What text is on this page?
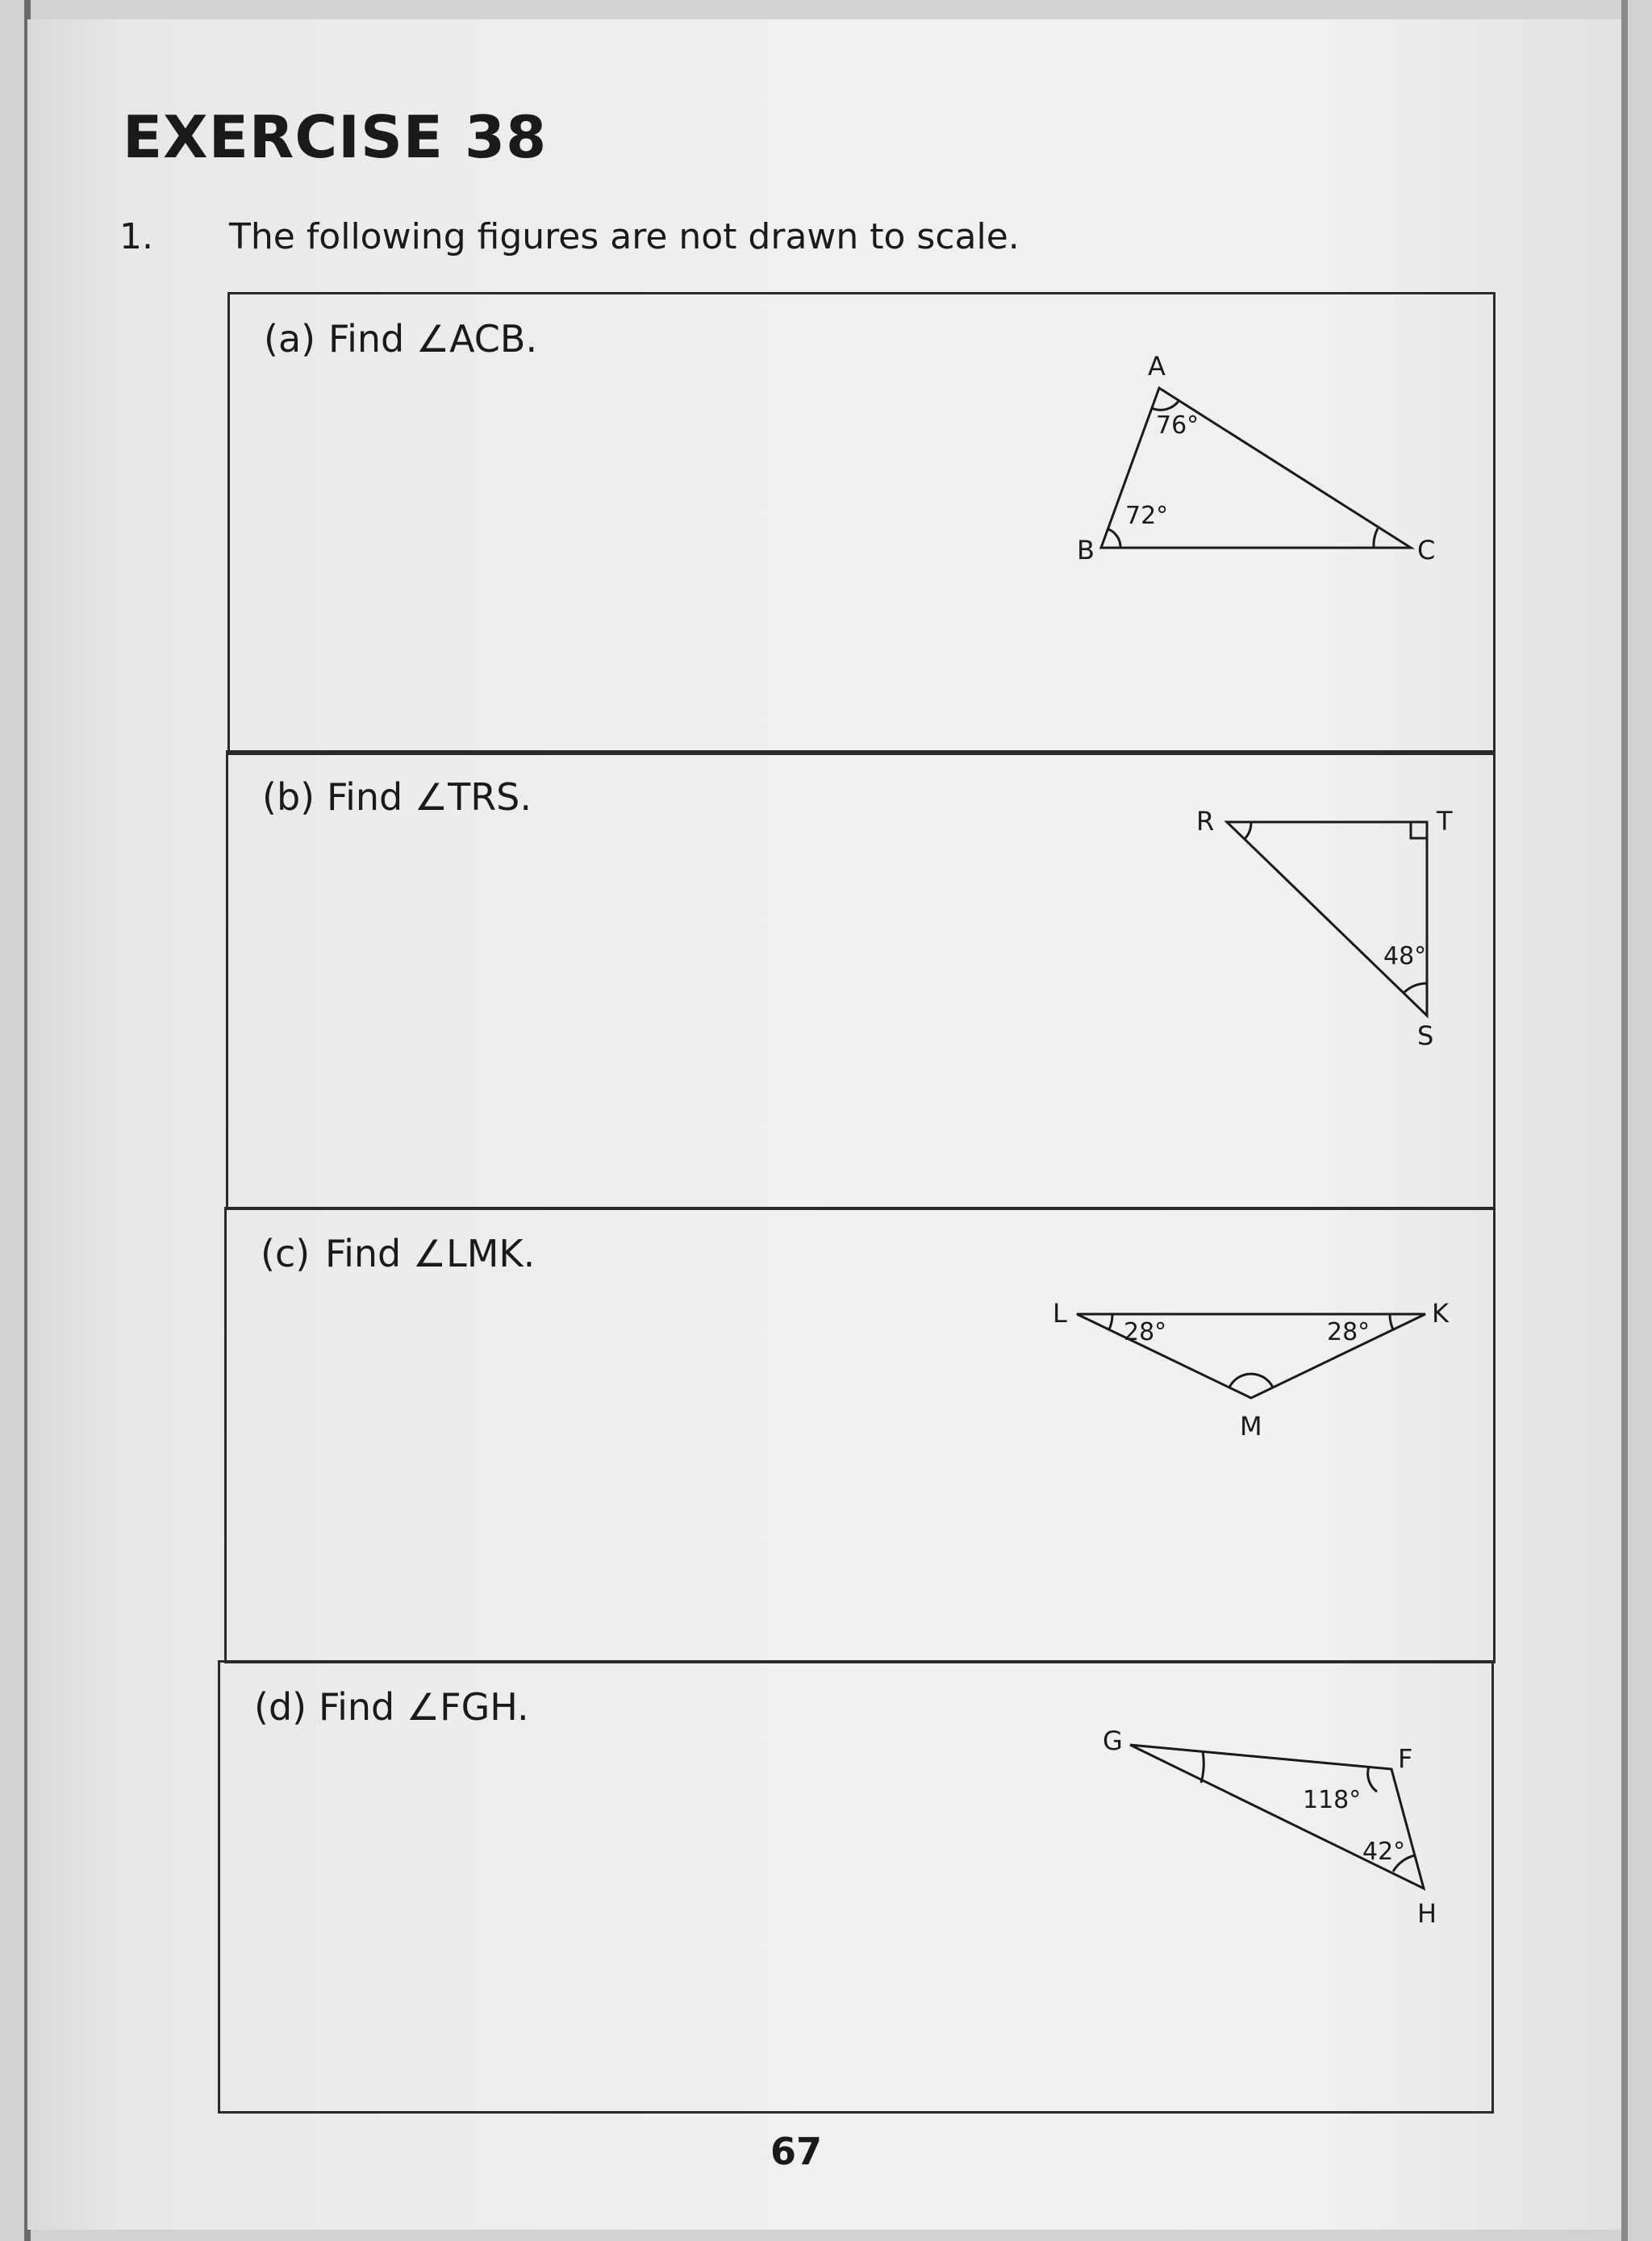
EXERCISE 38
1. The following figures are not drawn to scale.
(a) Find ∠ACB.
A
B	C
76°
72°
(b) Find ∠TRS.
R	T
S
48°
(c) Find ∠LMK.
L	K
M
28°	28°
(d) Find ∠FGH.
G
F
H
118°
42°
67
